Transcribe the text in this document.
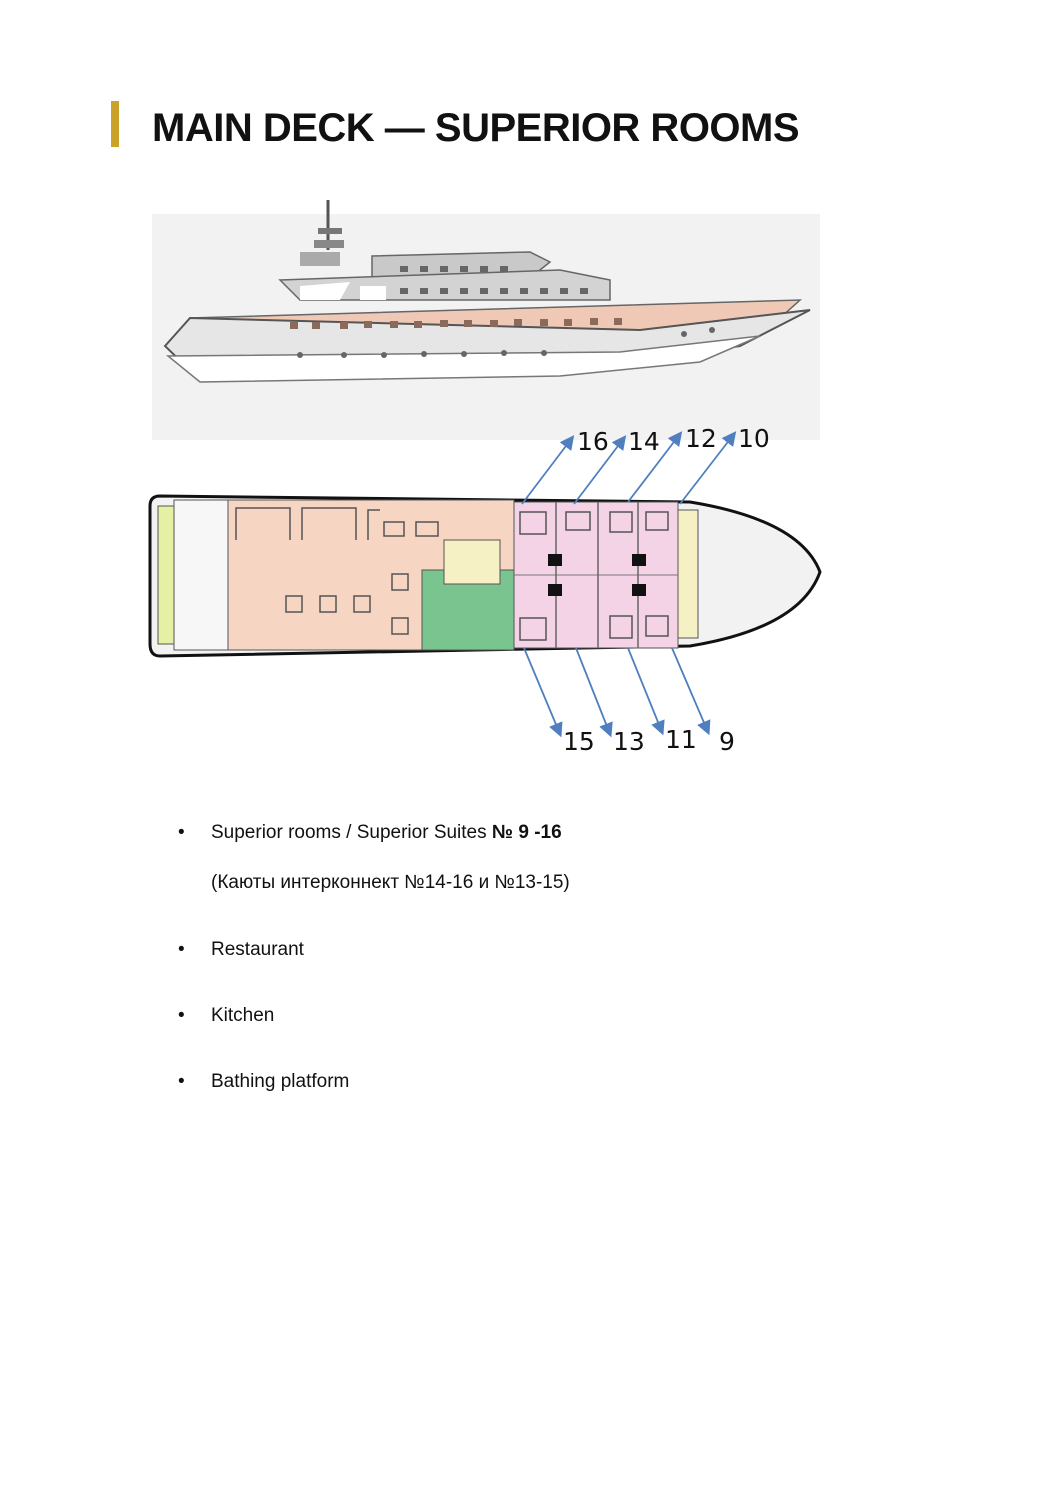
MAIN DECK — SUPERIOR ROOMS
16 14 12 10
15 13 11 9
• Superior rooms / Superior Suites № 9 -16
(Каюты интерконнект №14-16 и №13-15)
• Restaurant
• Kitchen
• Bathing platform
